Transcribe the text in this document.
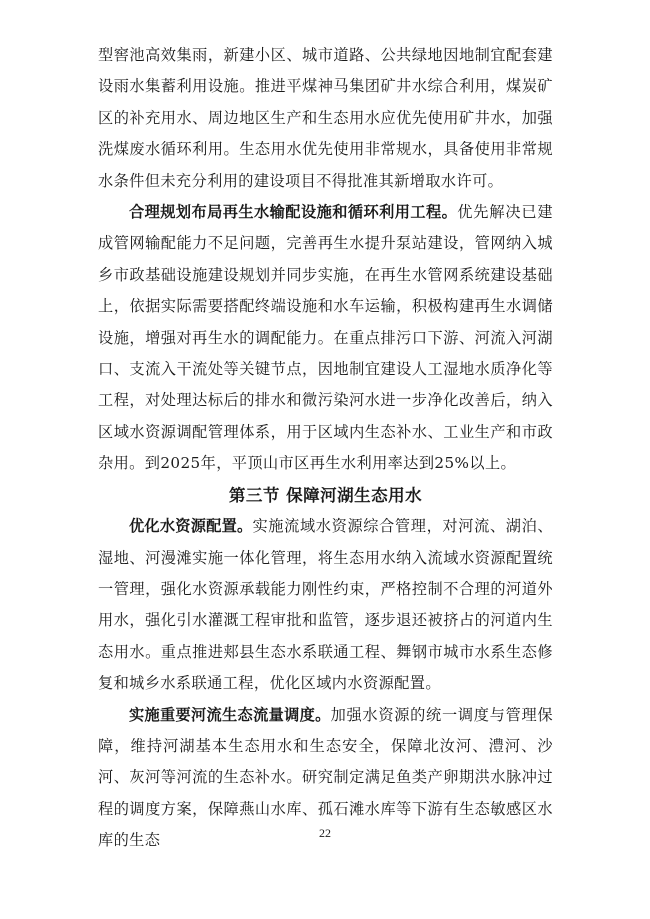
型窖池高效集雨，新建小区、城市道路、公共绿地因地制宜配套建设雨水集蓄利用设施。推进平煤神马集团矿井水综合利用，煤炭矿区的补充用水、周边地区生产和生态用水应优先使用矿井水，加强洗煤废水循环利用。生态用水优先使用非常规水，具备使用非常规水条件但未充分利用的建设项目不得批准其新增取水许可。

合理规划布局再生水输配设施和循环利用工程。优先解决已建成管网输配能力不足问题，完善再生水提升泵站建设，管网纳入城乡市政基础设施建设规划并同步实施，在再生水管网系统建设基础上，依据实际需要搭配终端设施和水车运输，积极构建再生水调储设施，增强对再生水的调配能力。在重点排污口下游、河流入河湖口、支流入干流处等关键节点，因地制宜建设人工湿地水质净化等工程，对处理达标后的排水和微污染河水进一步净化改善后，纳入区域水资源调配管理体系，用于区域内生态补水、工业生产和市政杂用。到2025年，平顶山市区再生水利用率达到25%以上。

第三节 保障河湖生态用水

优化水资源配置。实施流域水资源综合管理，对河流、湖泊、湿地、河漫滩实施一体化管理，将生态用水纳入流域水资源配置统一管理，强化水资源承载能力刚性约束，严格控制不合理的河道外用水，强化引水灌溉工程审批和监管，逐步退还被挤占的河道内生态用水。重点推进郏县生态水系联通工程、舞钢市城市水系生态修复和城乡水系联通工程，优化区域内水资源配置。

实施重要河流生态流量调度。加强水资源的统一调度与管理保障，维持河湖基本生态用水和生态安全，保障北汝河、澧河、沙河、灰河等河流的生态补水。研究制定满足鱼类产卵期洪水脉冲过程的调度方案，保障燕山水库、孤石滩水库等下游有生态敏感区水库的生态	22
